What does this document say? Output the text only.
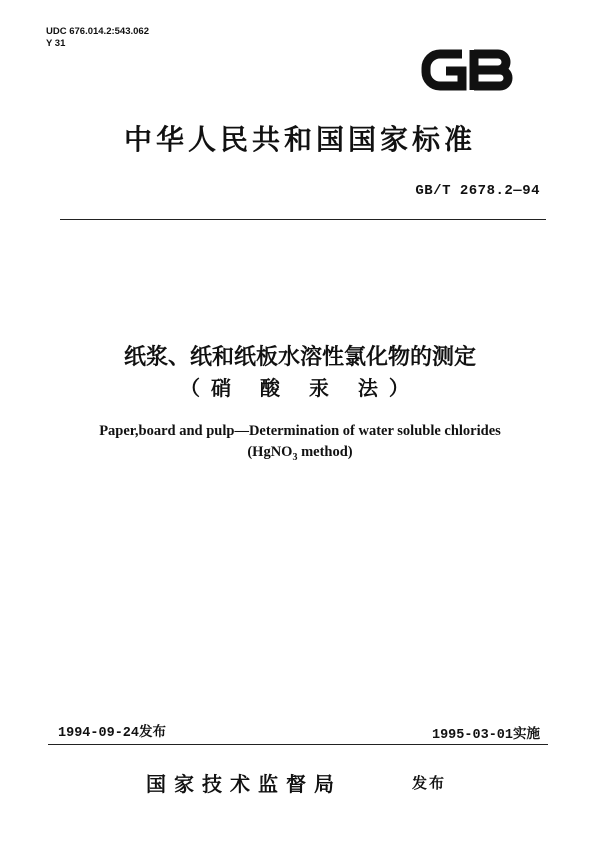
UDC 676.014.2:543.062
Y 31
中华人民共和国国家标准
GB/T 2678.2—94
纸浆、纸和纸板水溶性氯化物的测定
（硝 酸 汞 法）
Paper,board and pulp—Determination of water soluble chlorides
(HgNO$_3$ method)
1994-09-24发布	1995-03-01实施
国家技术监督局	发布
